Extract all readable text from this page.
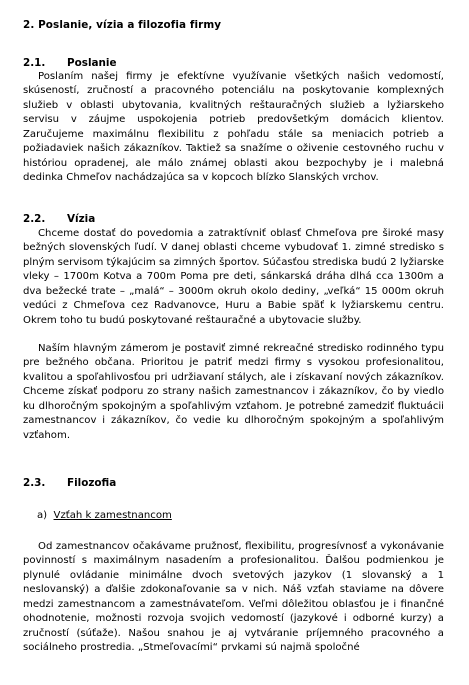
2. Poslanie, vízia a filozofia firmy
2.1. Poslanie

Poslaním našej firmy je efektívne využívanie všetkých našich vedomostí, skúseností, zručností a pracovného potenciálu na poskytovanie komplexných služieb v oblasti ubytovania, kvalitných reštauračných služieb a lyžiarskeho servisu v záujme uspokojenia potrieb predovšetkým domácich klientov. Zaručujeme maximálnu flexibilitu z pohľadu stále sa meniacich potrieb a požiadaviek našich zákazníkov. Taktiež sa snažíme o oživenie cestovného ruchu v históriou opradenej, ale málo známej oblasti akou bezpochyby je i malebná dedinka Chmeľov nachádzajúca sa v kopcoch blízko Slanských vrchov.

2.2. Vízia

Chceme dostať do povedomia a zatraktívniť oblasť Chmeľova pre široké masy bežných slovenských ľudí. V danej oblasti chceme vybudovať 1. zimné stredisko s plným servisom týkajúcim sa zimných športov. Súčasťou strediska budú 2 lyžiarske vleky – 1700m Kotva a 700m Poma pre deti, sánkarská dráha dlhá cca 1300m a dva bežecké trate – „malá“ – 3000m okruh okolo dediny, „veľká“ 15 000m okruh vedúci z Chmeľova cez Radvanovce, Huru a Babie späť k lyžiarskemu centru. Okrem toho tu budú poskytované reštauračné a ubytovacie služby.

Naším hlavným zámerom je postaviť zimné rekreačné stredisko rodinného typu pre bežného občana. Prioritou je patriť medzi firmy s vysokou profesionalitou, kvalitou a spoľahlivosťou pri udržiavaní stálych, ale i získavaní nových zákazníkov. Chceme získať podporu zo strany našich zamestnancov i zákazníkov, čo by viedlo ku dlhoročným spokojným a spoľahlivým vzťahom. Je potrebné zamedziť fluktuácii zamestnancov i zákazníkov, čo vedie ku dlhoročným spokojným a spoľahlivým vzťahom.

2.3. Filozofia
a) Vzťah k zamestnancom

Od zamestnancov očakávame pružnosť, flexibilitu, progresívnosť a vykonávanie povinností s maximálnym nasadením a profesionalitou. Ďalšou podmienkou je plynulé ovládanie minimálne dvoch svetových jazykov (1 slovanský a 1 neslovanský) a ďalšie zdokonaľovanie sa v nich. Náš vzťah staviame na dôvere medzi zamestnancom a zamestnávateľom. Veľmi dôležitou oblasťou je i finančné ohodnotenie, možnosti rozvoja svojich vedomostí (jazykové i odborné kurzy) a zručností (súťaže). Našou snahou je aj vytváranie príjemného pracovného a sociálneho prostredia. „Stmeľovacími“ prvkami sú najmä spoločné
